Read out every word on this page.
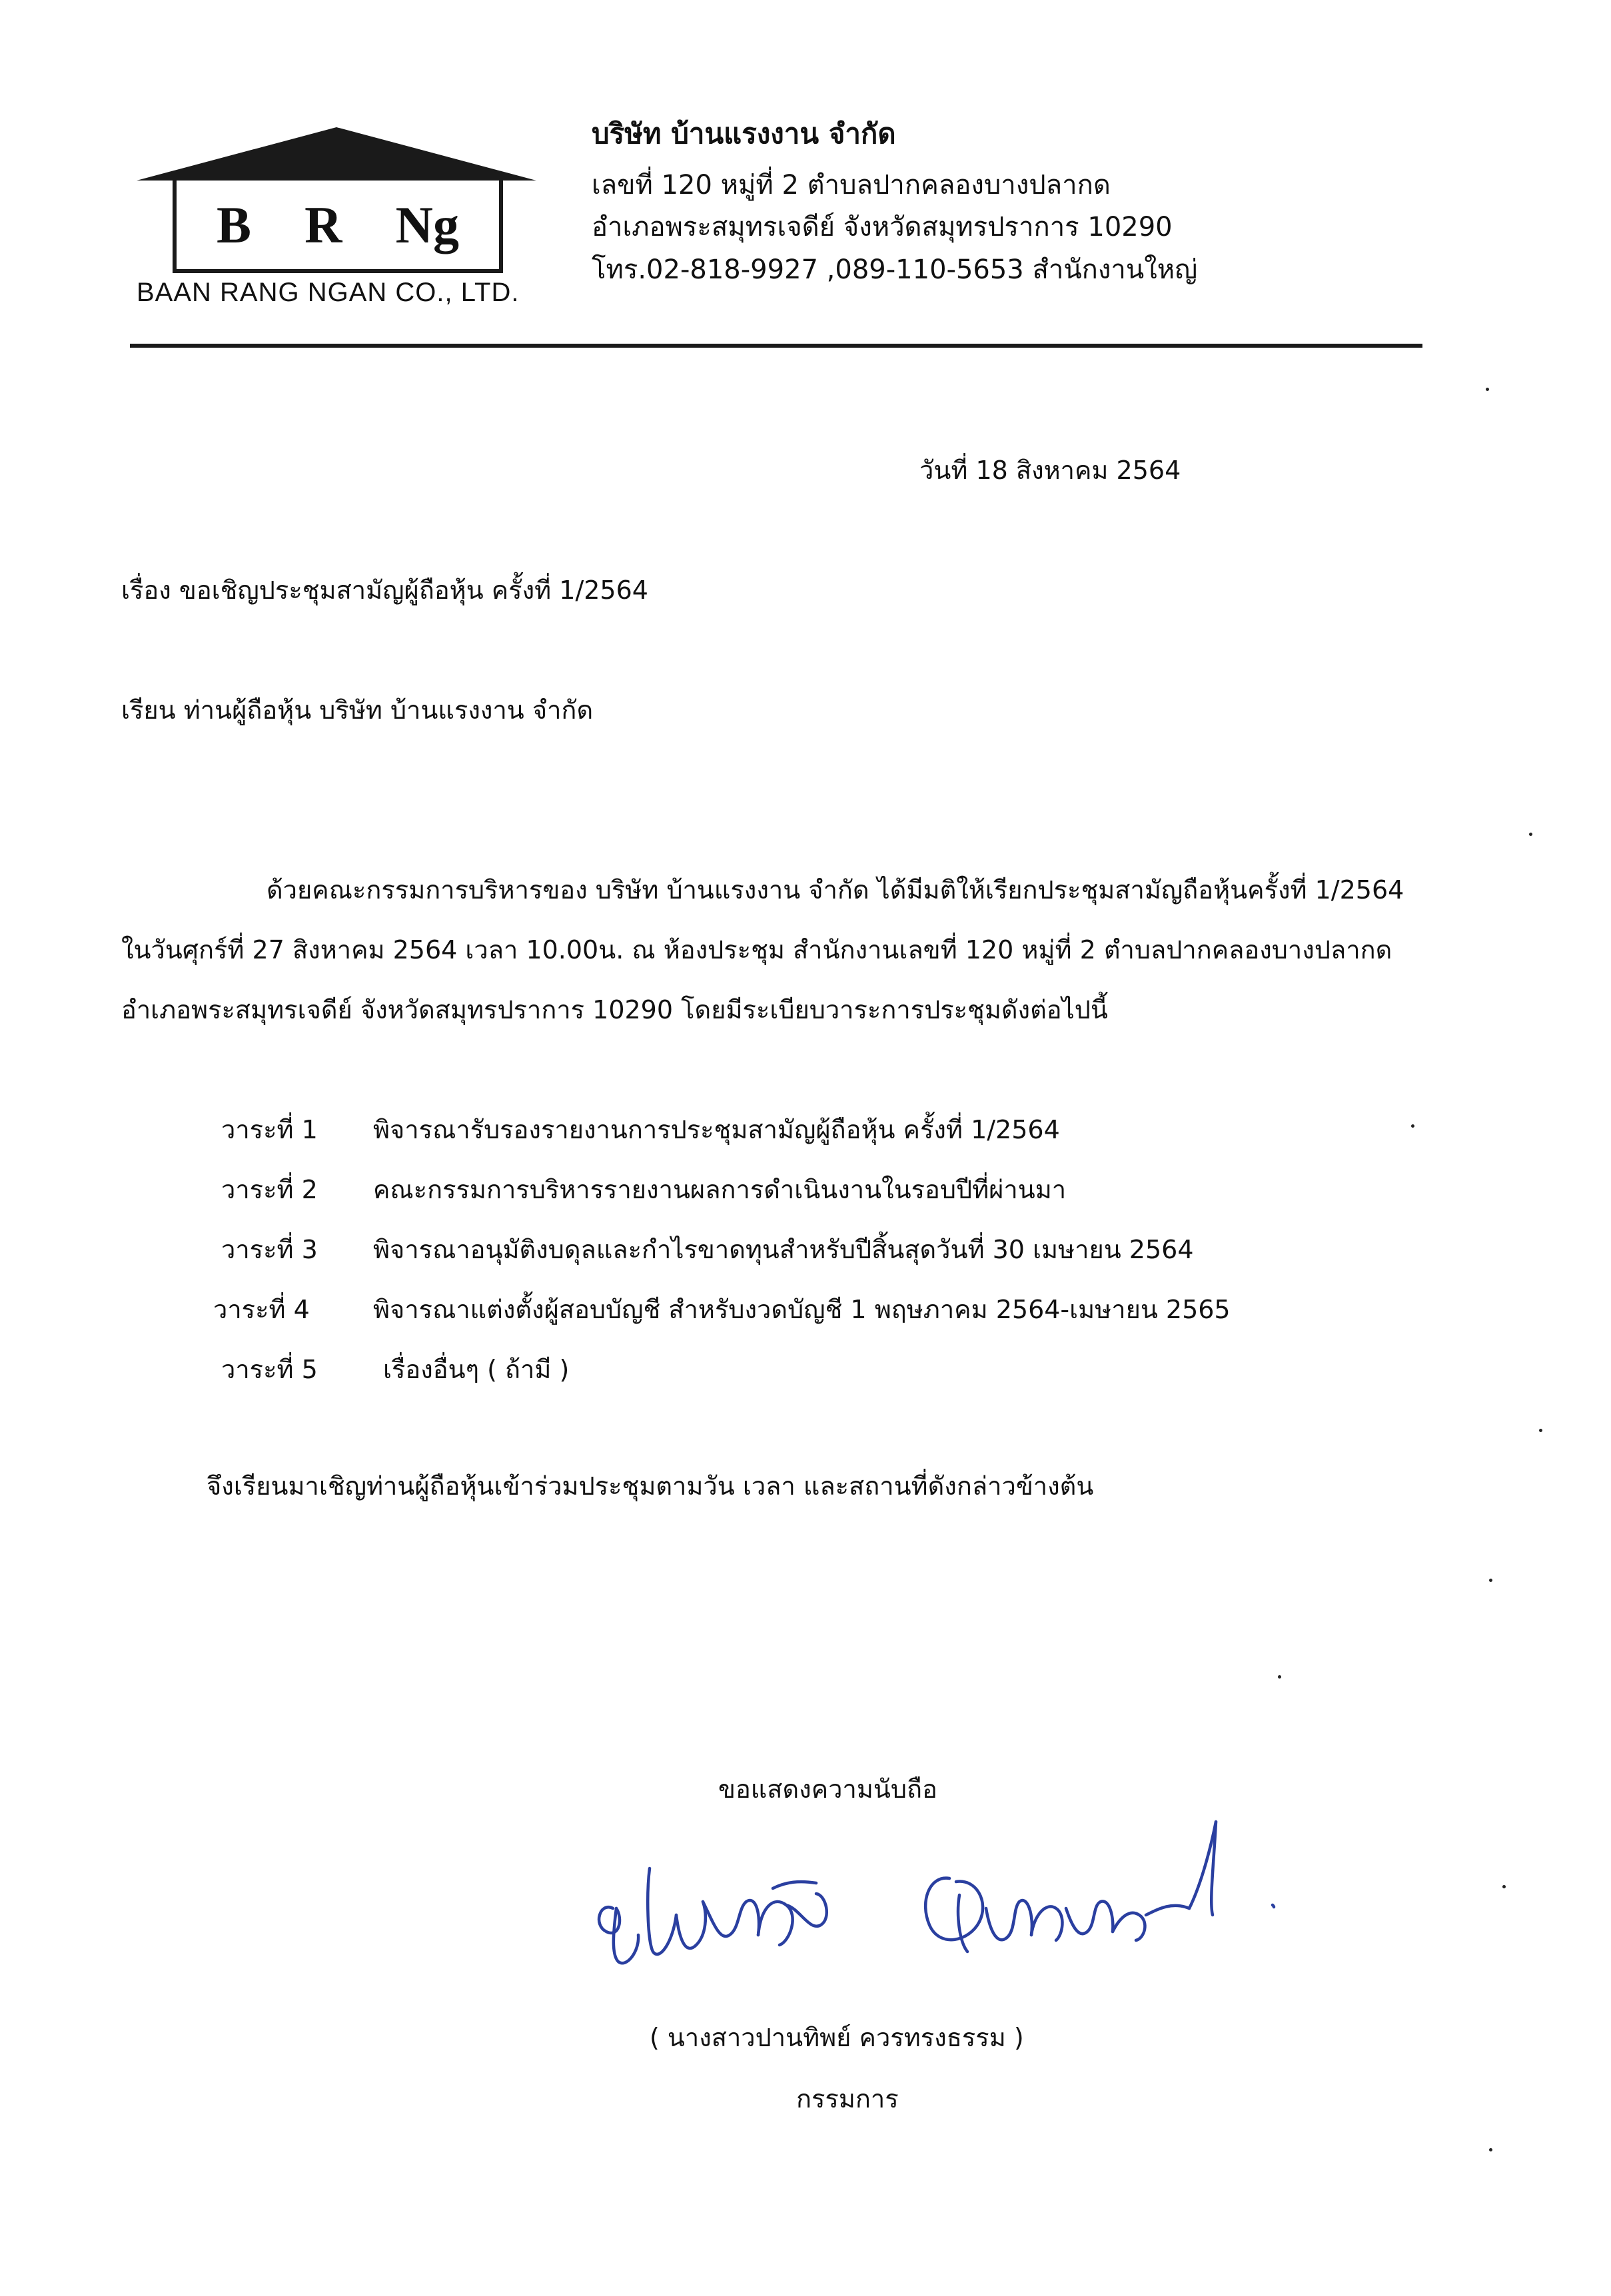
B R Ng
BAAN RANG NGAN CO., LTD.
บริษัท บ้านแรงงาน จำกัด
เลขที่ 120 หมู่ที่ 2 ตำบลปากคลองบางปลากด
อำเภอพระสมุทรเจดีย์ จังหวัดสมุทรปราการ 10290
โทร.02-818-9927 ,089-110-5653 สำนักงานใหญ่
วันที่ 18 สิงหาคม 2564
เรื่อง ขอเชิญประชุมสามัญผู้ถือหุ้น ครั้งที่ 1/2564
เรียน ท่านผู้ถือหุ้น บริษัท บ้านแรงงาน จำกัด
ด้วยคณะกรรมการบริหารของ บริษัท บ้านแรงงาน จำกัด ได้มีมติให้เรียกประชุมสามัญถือหุ้นครั้งที่ 1/2564
ในวันศุกร์ที่ 27 สิงหาคม 2564 เวลา 10.00น. ณ ห้องประชุม สำนักงานเลขที่ 120 หมู่ที่ 2 ตำบลปากคลองบางปลากด
อำเภอพระสมุทรเจดีย์ จังหวัดสมุทรปราการ 10290 โดยมีระเบียบวาระการประชุมดังต่อไปนี้
วาระที่ 1 พิจารณารับรองรายงานการประชุมสามัญผู้ถือหุ้น ครั้งที่ 1/2564
วาระที่ 2 คณะกรรมการบริหารรายงานผลการดำเนินงานในรอบปีที่ผ่านมา
วาระที่ 3 พิจารณาอนุมัติงบดุลและกำไรขาดทุนสำหรับปีสิ้นสุดวันที่ 30 เมษายน 2564
วาระที่ 4	พิจารณาแต่งตั้งผู้สอบบัญชี สำหรับงวดบัญชี 1 พฤษภาคม 2564-เมษายน 2565
วาระที่ 5	เรื่องอื่นๆ ( ถ้ามี )
จึงเรียนมาเชิญท่านผู้ถือหุ้นเข้าร่วมประชุมตามวัน เวลา และสถานที่ดังกล่าวข้างต้น
ขอแสดงความนับถือ
( นางสาวปานทิพย์ ควรทรงธรรม )
กรรมการ
